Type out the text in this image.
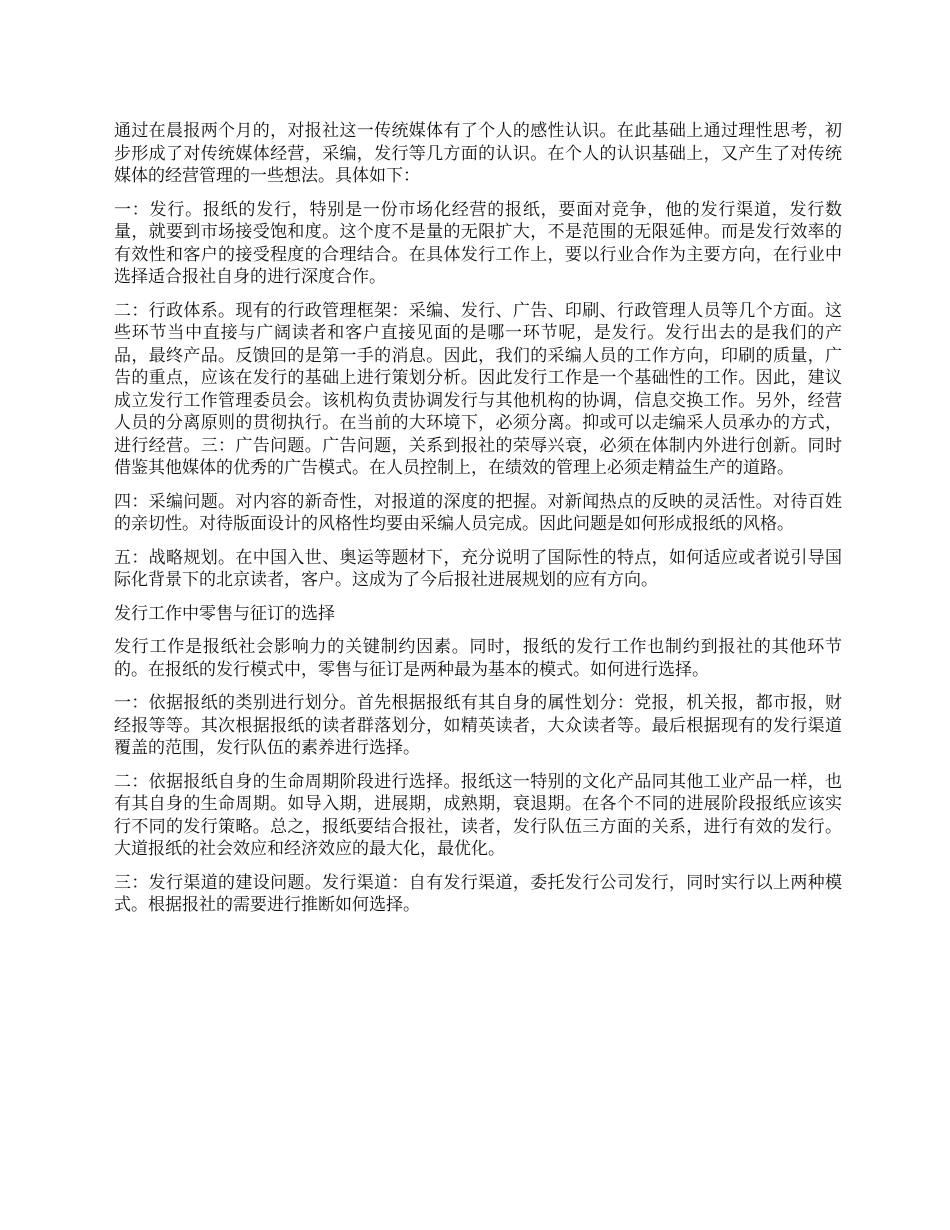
通过在晨报两个月的，对报社这一传统媒体有了个人的感性认识。在此基础上通过理性思考，初步形成了对传统媒体经营，采编，发行等几方面的认识。在个人的认识基础上，又产生了对传统媒体的经营管理的一些想法。具体如下：

一：发行。报纸的发行，特别是一份市场化经营的报纸，要面对竞争，他的发行渠道，发行数量，就要到市场接受饱和度。这个度不是量的无限扩大，不是范围的无限延伸。而是发行效率的有效性和客户的接受程度的合理结合。在具体发行工作上，要以行业合作为主要方向，在行业中选择适合报社自身的进行深度合作。

二：行政体系。现有的行政管理框架：采编、发行、广告、印刷、行政管理人员等几个方面。这些环节当中直接与广阔读者和客户直接见面的是哪一环节呢，是发行。发行出去的是我们的产品，最终产品。反馈回的是第一手的消息。因此，我们的采编人员的工作方向，印刷的质量，广告的重点，应该在发行的基础上进行策划分析。因此发行工作是一个基础性的工作。因此，建议成立发行工作管理委员会。该机构负责协调发行与其他机构的协调，信息交换工作。另外，经营人员的分离原则的贯彻执行。在当前的大环境下，必须分离。抑或可以走编采人员承办的方式，进行经营。三：广告问题。广告问题，关系到报社的荣辱兴衰，必须在体制内外进行创新。同时借鉴其他媒体的优秀的广告模式。在人员控制上，在绩效的管理上必须走精益生产的道路。

四：采编问题。对内容的新奇性，对报道的深度的把握。对新闻热点的反映的灵活性。对待百姓的亲切性。对待版面设计的风格性均要由采编人员完成。因此问题是如何形成报纸的风格。

五：战略规划。在中国入世、奥运等题材下，充分说明了国际性的特点，如何适应或者说引导国际化背景下的北京读者，客户。这成为了今后报社进展规划的应有方向。

发行工作中零售与征订的选择

发行工作是报纸社会影响力的关键制约因素。同时，报纸的发行工作也制约到报社的其他环节的。在报纸的发行模式中，零售与征订是两种最为基本的模式。如何进行选择。

一：依据报纸的类别进行划分。首先根据报纸有其自身的属性划分：党报，机关报，都市报，财经报等等。其次根据报纸的读者群落划分，如精英读者，大众读者等。最后根据现有的发行渠道覆盖的范围，发行队伍的素养进行选择。

二：依据报纸自身的生命周期阶段进行选择。报纸这一特别的文化产品同其他工业产品一样，也有其自身的生命周期。如导入期，进展期，成熟期，衰退期。在各个不同的进展阶段报纸应该实行不同的发行策略。总之，报纸要结合报社，读者，发行队伍三方面的关系，进行有效的发行。大道报纸的社会效应和经济效应的最大化，最优化。

三：发行渠道的建设问题。发行渠道：自有发行渠道，委托发行公司发行，同时实行以上两种模式。根据报社的需要进行推断如何选择。
